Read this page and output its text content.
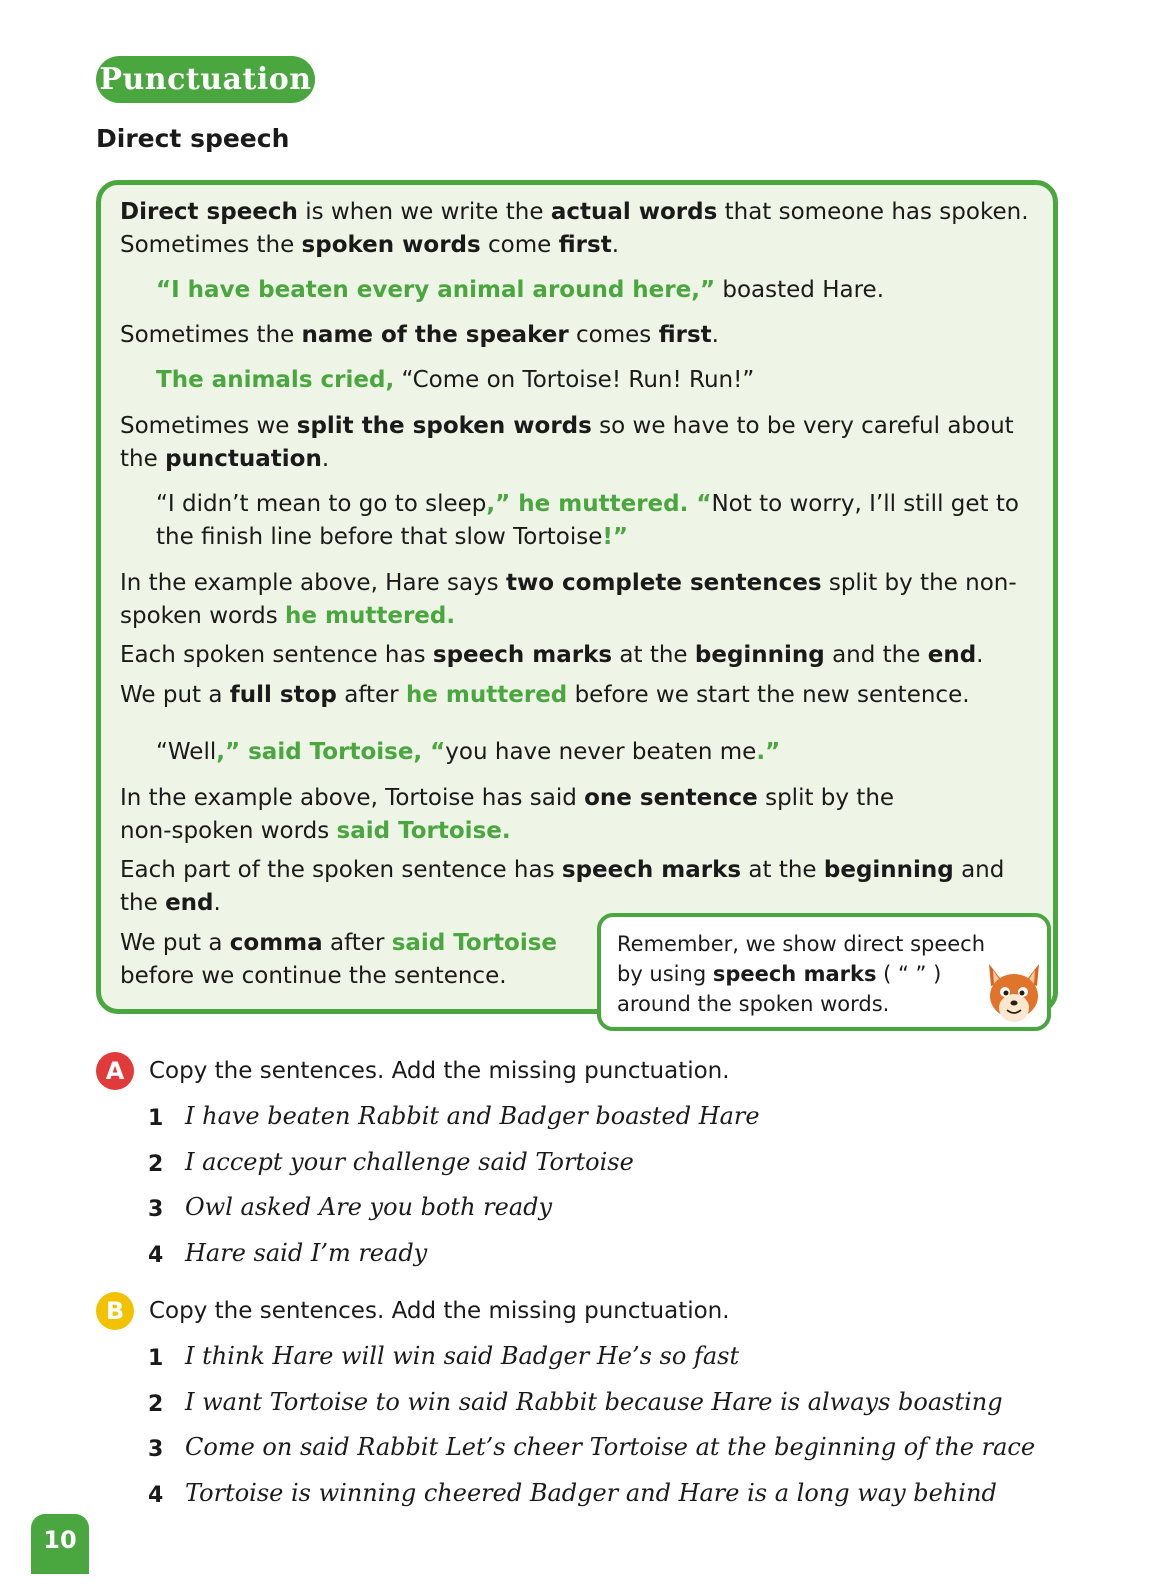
Punctuation
Direct speech
Direct speech is when we write the actual words that someone has spoken.
Sometimes the spoken words come first.
“I have beaten every animal around here,” boasted Hare.
Sometimes the name of the speaker comes first.
The animals cried, “Come on Tortoise! Run! Run!”
Sometimes we split the spoken words so we have to be very careful about
the punctuation.
“I didn’t mean to go to sleep,” he muttered. “Not to worry, I’ll still get to
the finish line before that slow Tortoise!”
In the example above, Hare says two complete sentences split by the non-
spoken words he muttered.
Each spoken sentence has speech marks at the beginning and the end.
We put a full stop after he muttered before we start the new sentence.
“Well,” said Tortoise, “you have never beaten me.”
In the example above, Tortoise has said one sentence split by the
non-spoken words said Tortoise.
Each part of the spoken sentence has speech marks at the beginning and
the end.
We put a comma after said Tortoise
before we continue the sentence.
Remember, we show direct speech
by using speech marks ( “ ” )
around the spoken words.
A	Copy the sentences. Add the missing punctuation.
1 I have beaten Rabbit and Badger boasted Hare
2 I accept your challenge said Tortoise
3 Owl asked Are you both ready
4 Hare said I’m ready
B	Copy the sentences. Add the missing punctuation.
1 I think Hare will win said Badger He’s so fast
2 I want Tortoise to win said Rabbit because Hare is always boasting
3 Come on said Rabbit Let’s cheer Tortoise at the beginning of the race
4 Tortoise is winning cheered Badger and Hare is a long way behind
10
